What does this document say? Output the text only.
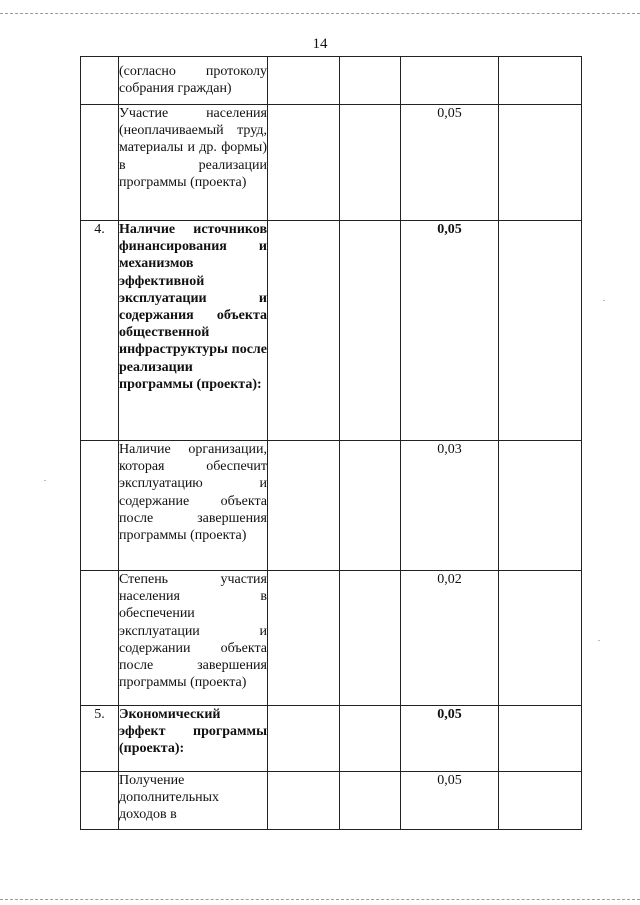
14
	(согласно протоколу собрания граждан)				
	Участие населения (неоплачиваемый труд, материалы и др. формы) в реализации программы (проекта)			0,05	
4.	Наличие источников финансирования и механизмов эффективной эксплуатации и содержания объекта общественной инфраструктуры после реализации программы (проекта):			0,05	
	Наличие организации, которая обеспечит эксплуатацию и содержание объекта после завершения программы (проекта)			0,03	
	Степень участия населения в обеспечении эксплуатации и содержании объекта после завершения программы (проекта)			0,02	
5.	Экономический эффект программы (проекта):			0,05	
	Получение дополнительных доходов в			0,05	
